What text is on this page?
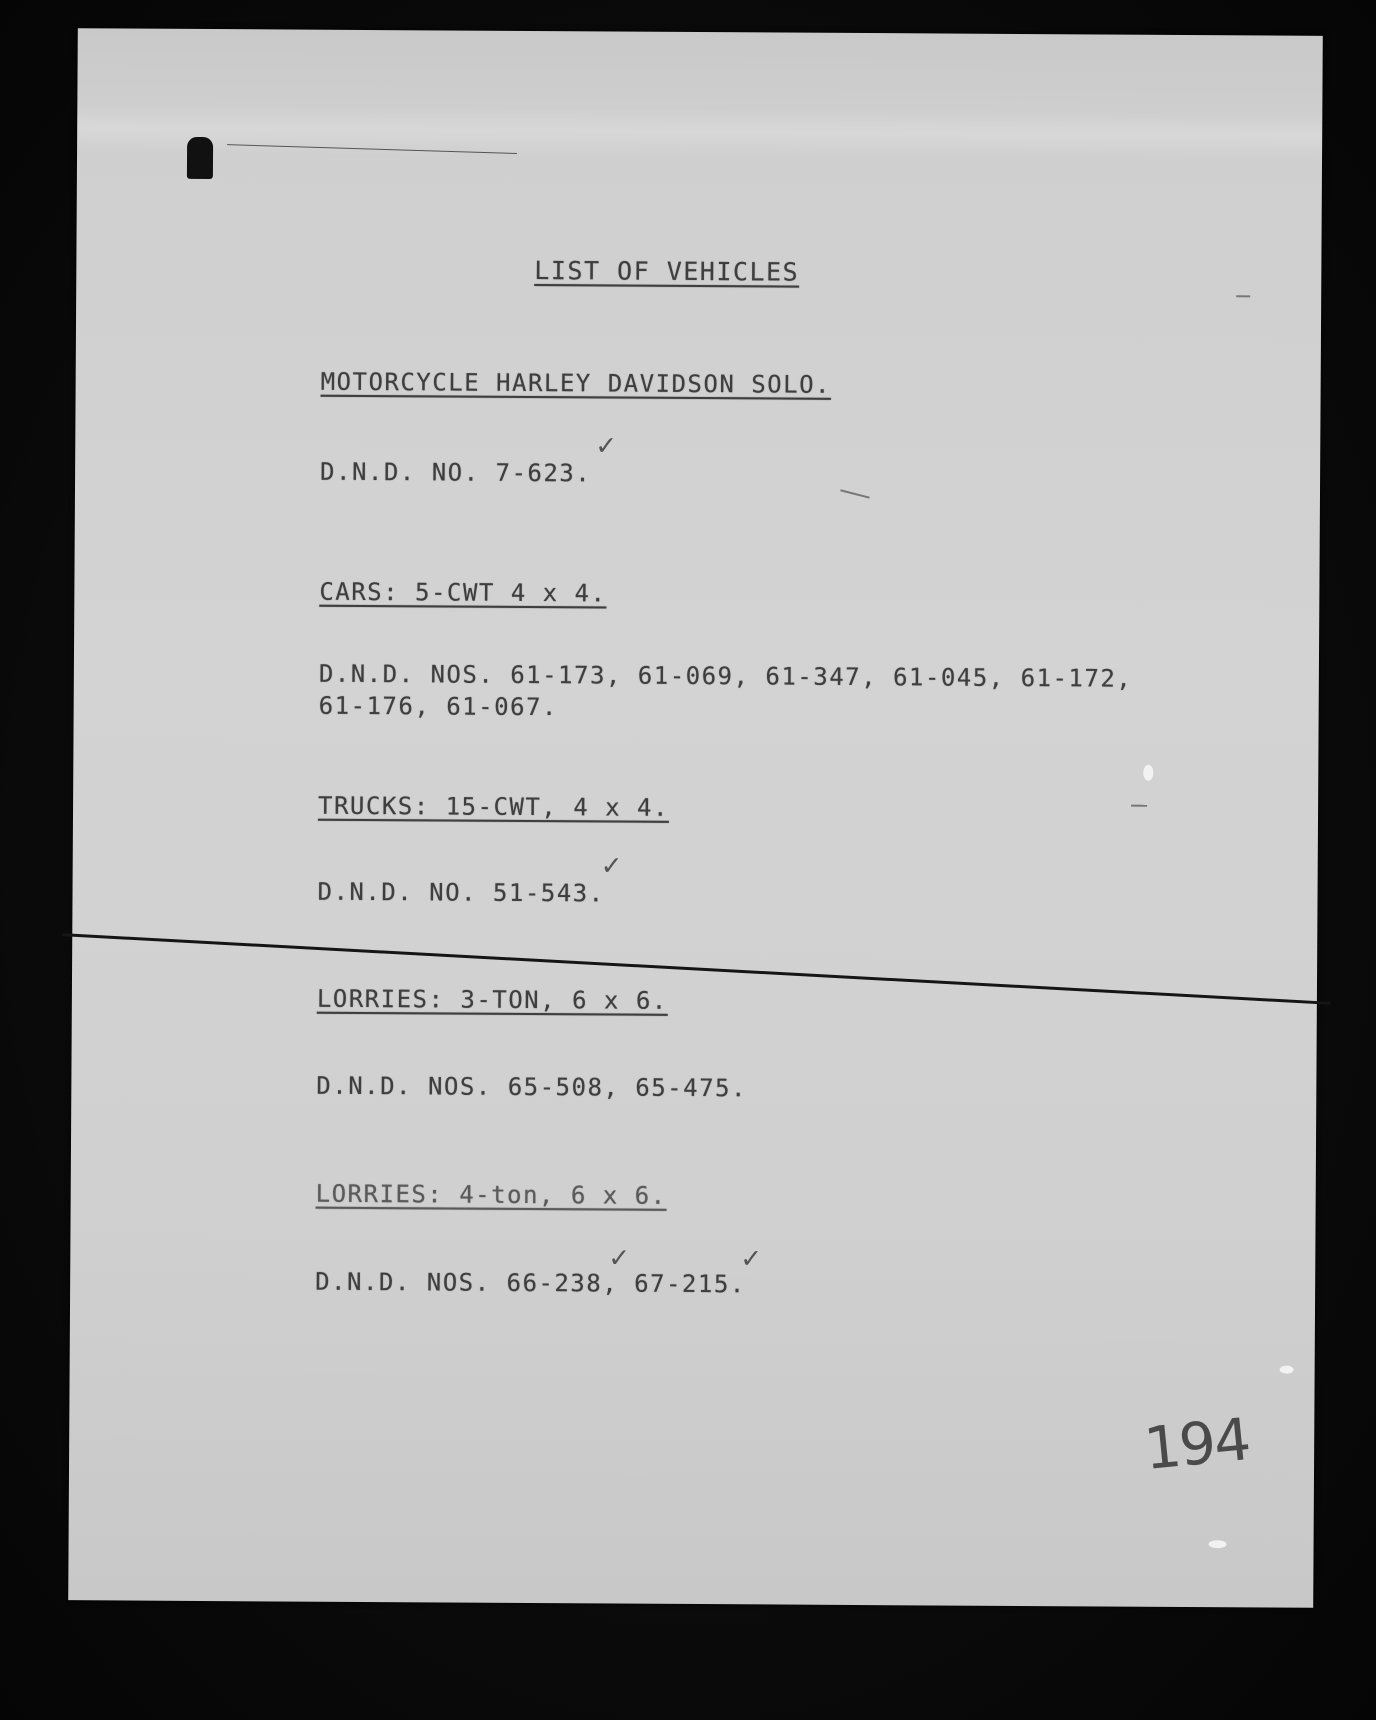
LIST OF VEHICLES
MOTORCYCLE HARLEY DAVIDSON SOLO.
D.N.D. NO. 7-623.
✓
CARS: 5-CWT 4 x 4.
D.N.D. NOS. 61-173, 61-069, 61-347, 61-045, 61-172,
61-176, 61-067.
TRUCKS: 15-CWT, 4 x 4.
D.N.D. NO. 51-543.
✓
LORRIES: 3-TON, 6 x 6.
D.N.D. NOS. 65-508, 65-475.
LORRIES: 4-ton, 6 x 6.
D.N.D. NOS. 66-238, 67-215.
✓	✓
194
